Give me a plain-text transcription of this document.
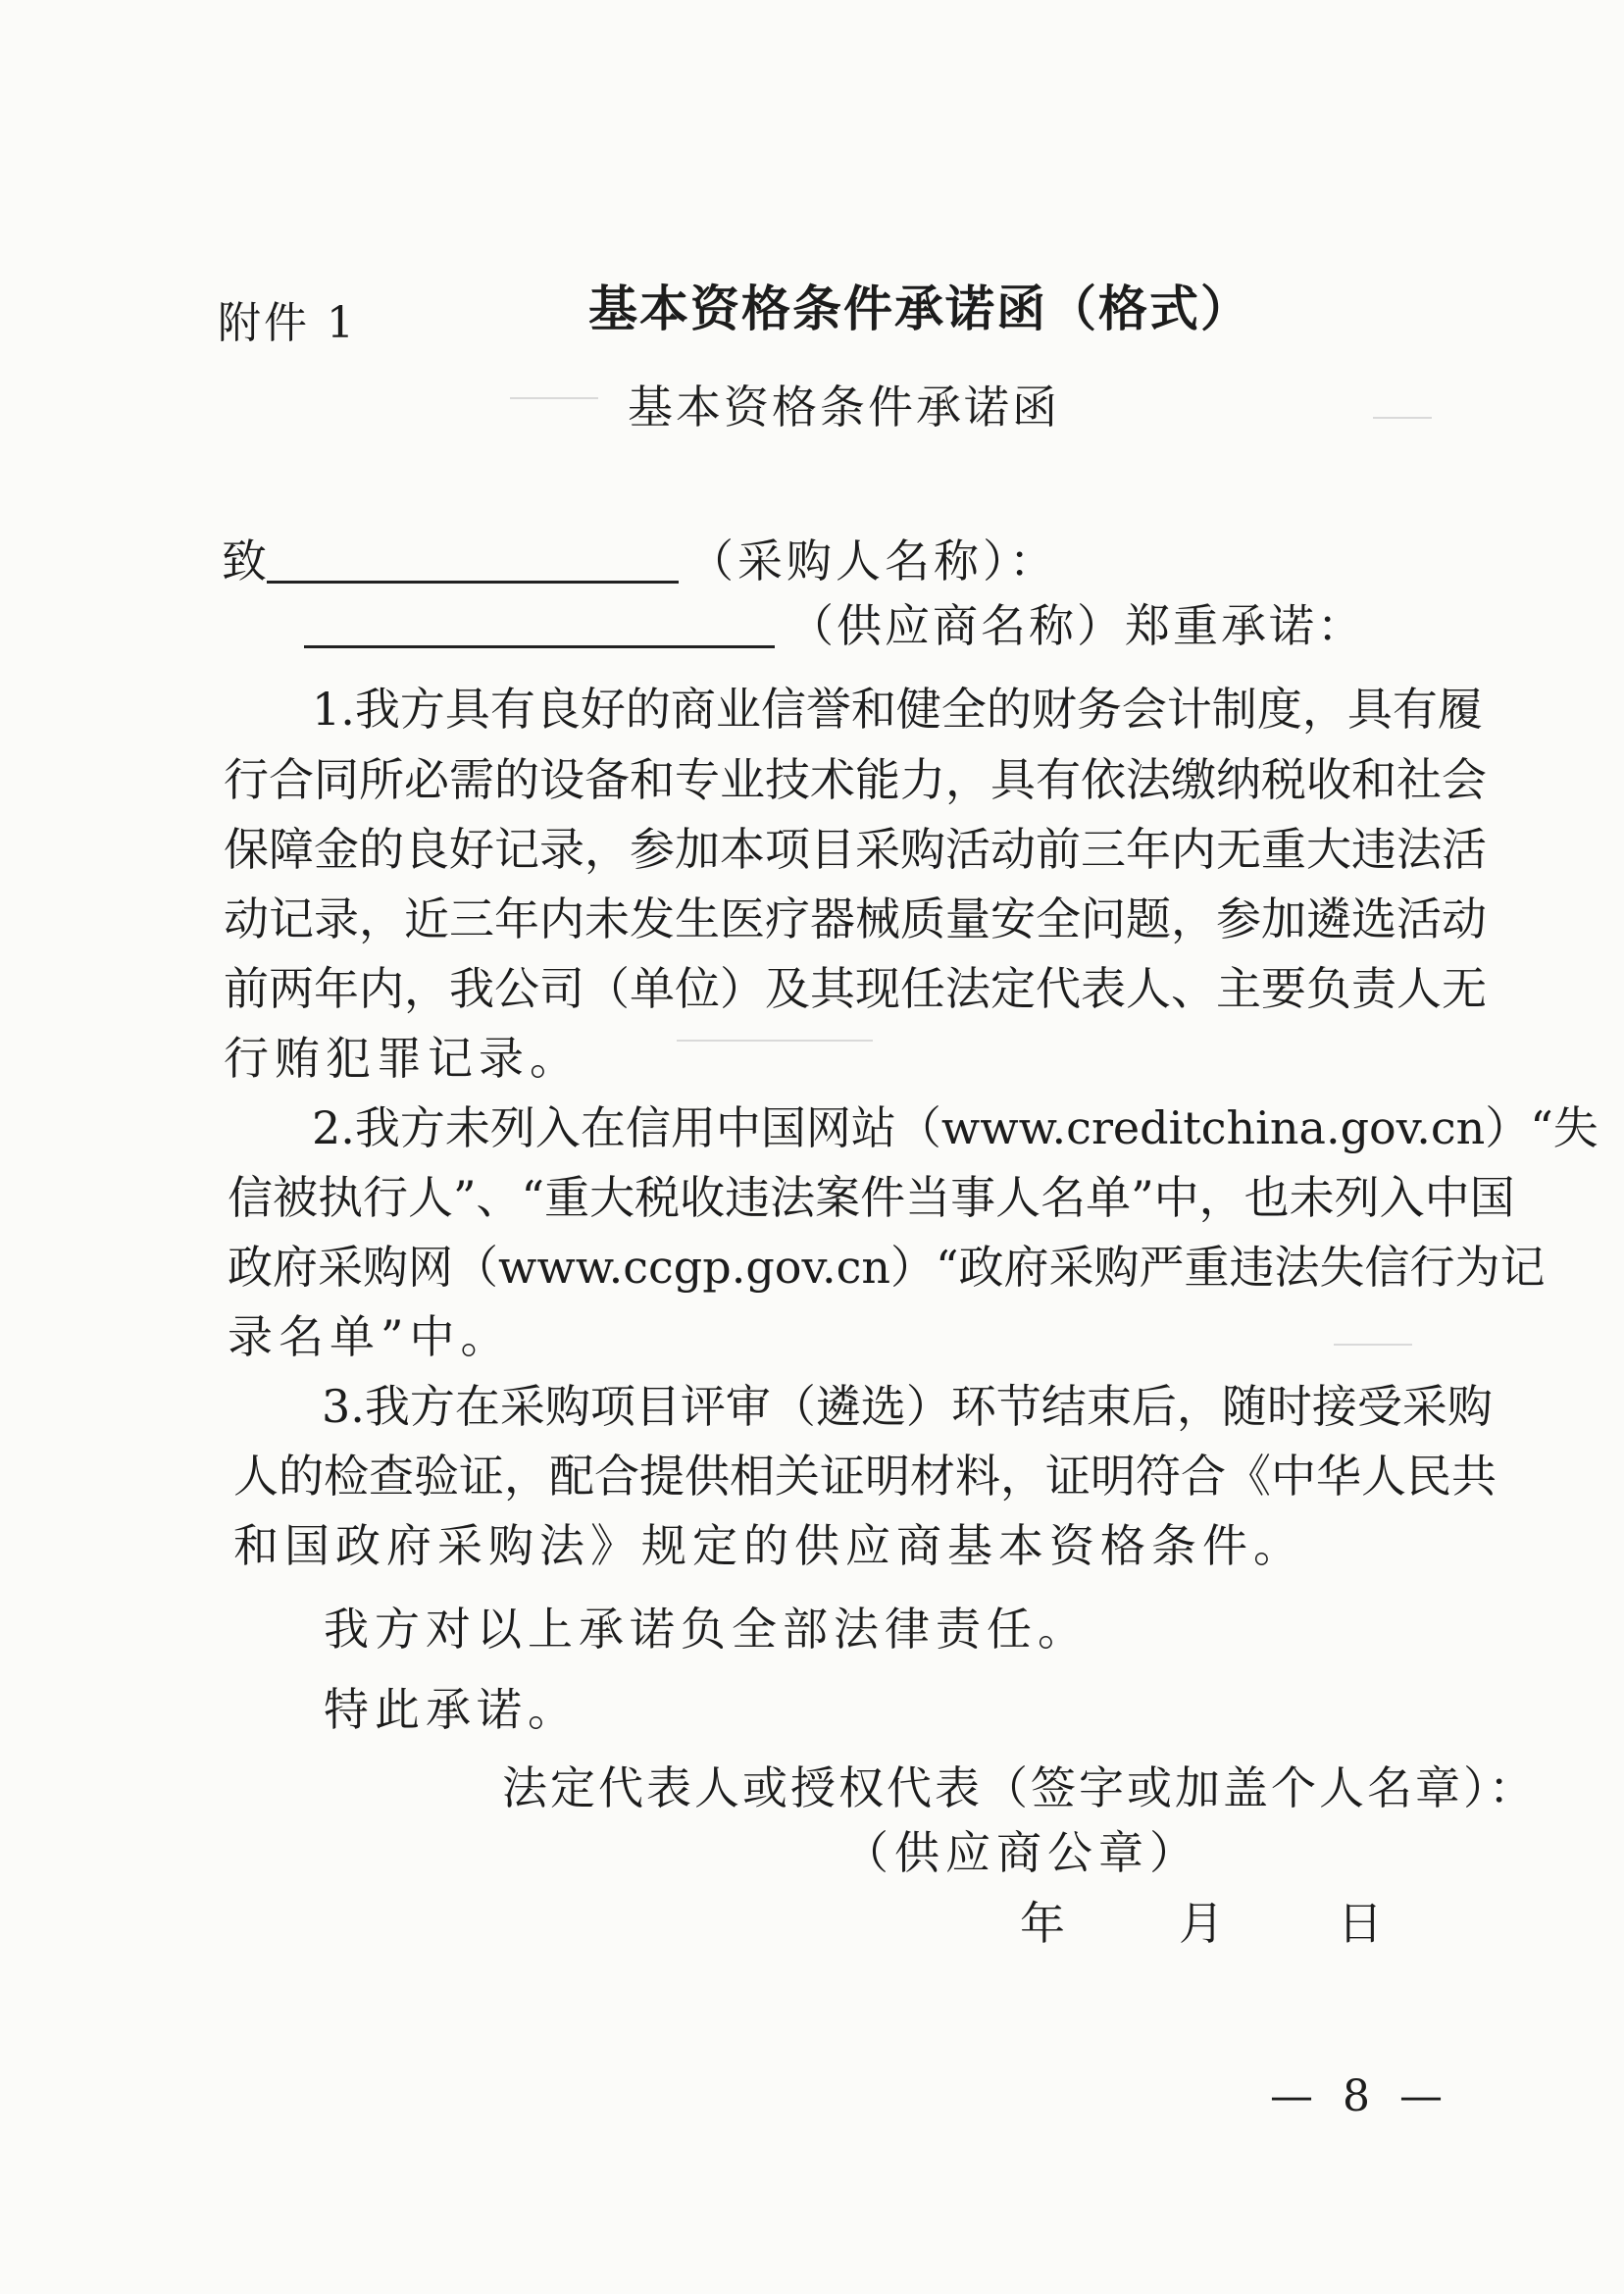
附件 1	基本资格条件承诺函（格式）
基本资格条件承诺函
致	（采购人名称）：
（供应商名称）郑重承诺：
1. 我 方 具 有 良 好 的 商 业 信 誉 和 健 全 的 财 务 会 计 制 度 ， 具 有 履
行 合 同 所 必 需 的 设 备 和 专 业 技 术 能 力 ， 具 有 依 法 缴 纳 税 收 和 社 会
保 障 金 的 良 好 记 录 ， 参 加 本 项 目 采 购 活 动 前 三 年 内 无 重 大 违 法 活
动 记 录 ， 近 三 年 内 未 发 生 医 疗 器 械 质 量 安 全 问 题 ， 参 加 遴 选 活 动
前 两 年 内 ， 我 公 司 （ 单 位 ） 及 其 现 任 法 定 代 表 人 、 主 要 负 责 人 无
行贿犯罪记录。
2. 我 方 未 列 入 在 信 用 中 国 网 站 （ www.creditchina.gov.cn ） “ 失
信 被 执 行 人 ” 、 “ 重 大 税 收 违 法 案 件 当 事 人 名 单 ” 中 ， 也 未 列 入 中 国
政 府 采 购 网 （ www.ccgp.gov.cn ） “ 政 府 采 购 严 重 违 法 失 信 行 为 记
录名单”中。
3. 我 方 在 采 购 项 目 评 审 （ 遴 选 ） 环 节 结 束 后 ， 随 时 接 受 采 购
人 的 检 查 验 证 ， 配 合 提 供 相 关 证 明 材 料 ， 证 明 符 合 《 中 华 人 民 共
和国政府采购法》规定的供应商基本资格条件。
我方对以上承诺负全部法律责任。
特此承诺。
法定代表人或授权代表（签字或加盖个人名章）：
（供应商公章）
年　　月　　日
— 8 —
